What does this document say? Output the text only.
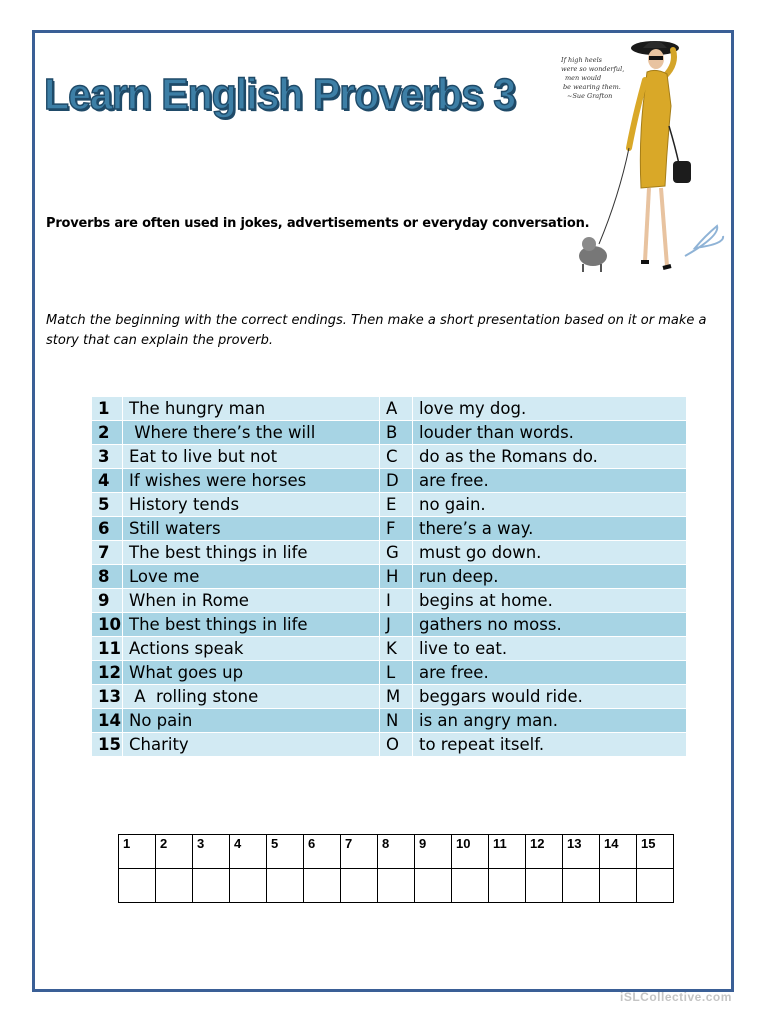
Learn English Proverbs 3

Proverbs are often used in jokes, advertisements or everyday conversation.

Match the beginning with the correct endings. Then make a short presentation based on it or make a story that can explain the proverb.

If high heels were so wonderful, men would be wearing them. ~Sue Grafton
1	The hungry man	A	love my dog.
2	Where there’s the will	B	louder than words.
3	Eat to live but not	C	do as the Romans do.
4	If wishes were horses	D	are free.
5	History tends	E	no gain.
6	Still waters	F	there’s a way.
7	The best things in life	G	must go down.
8	Love me	H	run deep.
9	When in Rome	I	begins at home.
10	The best things in life	J	gathers no moss.
11	Actions speak	K	live to eat.
12	What goes up	L	are free.
13	A  rolling stone	M	beggars would ride.
14	No pain	N	is an angry man.
15	Charity	O	to repeat itself.
1	2	3	4	5	6	7	8	9	10	11	12	13	14	15

iSLCollective.com
